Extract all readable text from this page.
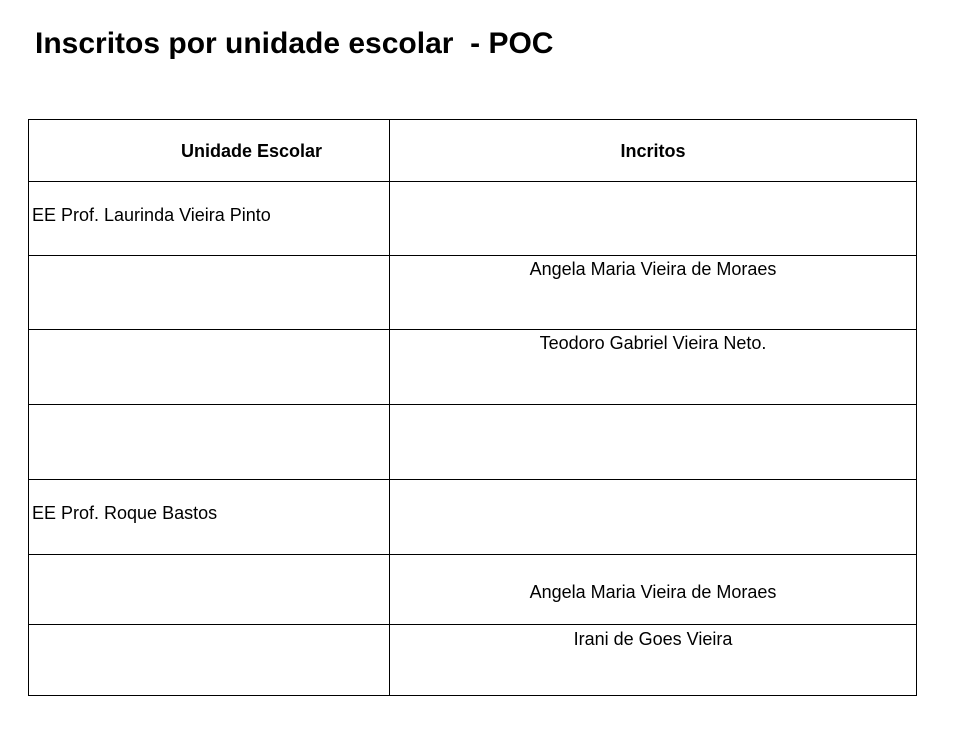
Inscritos por unidade escolar  - POC
Unidade Escolar	Incritos

EE Prof. Laurinda Vieira Pinto	

	Angela Maria Vieira de Moraes

	Teodoro Gabriel Vieira Neto.

EE Prof. Roque Bastos	

	Angela Maria Vieira de Moraes

	Irani de Goes Vieira
